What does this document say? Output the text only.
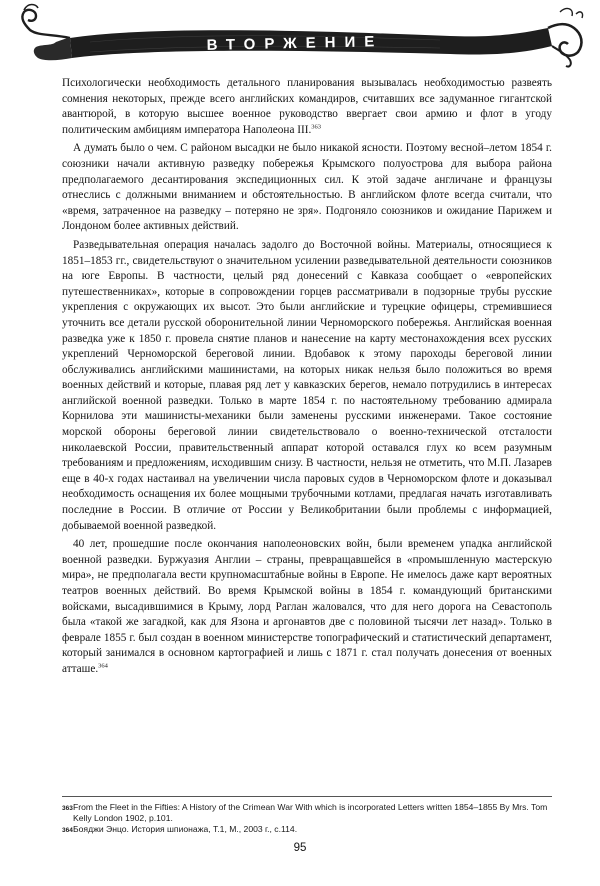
ВТОРЖЕНИЕ

Психологически необходимость детального планирования вызывалась необходимостью развеять сомнения некоторых, прежде всего английских командиров, считавших все задуманное гигантской авантюрой, в которую высшее военное руководство ввергает свои армию и флот в угоду политическим амбициям императора Наполеона III.$^{363}$

А думать было о чем. С районом высадки не было никакой ясности. Поэтому весной–летом 1854 г. союзники начали активную разведку побережья Крымского полуострова для выбора района предполагаемого десантирования экспедиционных сил. К этой задаче англичане и французы отнеслись с должными вниманием и обстоятельностью. В английском флоте всегда считали, что «время, затраченное на разведку – потеряно не зря». Подгоняло союзников и ожидание Парижем и Лондоном более активных действий.

Разведывательная операция началась задолго до Восточной войны. Материалы, относящиеся к 1851–1853 гг., свидетельствуют о значительном усилении разведывательной деятельности союзников на юге Европы. В частности, целый ряд донесений с Кавказа сообщает о «европейских путешественниках», которые в сопровождении горцев рассматривали в подзорные трубы русские укрепления с окружающих их высот. Это были английские и турецкие офицеры, стремившиеся уточнить все детали русской оборонительной линии Черноморского побережья. Английская военная разведка уже к 1850 г. провела снятие планов и нанесение на карту местонахождения всех русских укреплений Черноморской береговой линии. Вдобавок к этому пароходы береговой линии обслуживались английскими машинистами, на которых никак нельзя было положиться во время военных действий и которые, плавая ряд лет у кавказских берегов, немало потрудились в интересах английской военной разведки. Только в марте 1854 г. по настоятельному требованию адмирала Корнилова эти машинисты-механики были заменены русскими инженерами. Такое состояние морской обороны береговой линии свидетельствовало о военно-технической отсталости николаевской России, правительственный аппарат которой оставался глух ко всем разумным требованиям и предложениям, исходившим снизу. В частности, нельзя не отметить, что М.П. Лазарев еще в 40-х годах настаивал на увеличении числа паровых судов в Черноморском флоте и доказывал необходимость оснащения их более мощными трубочными котлами, предлагая начать изготавливать последние в России. В отличие от России у Великобритании были проблемы с информацией, добываемой военной разведкой.

40 лет, прошедшие после окончания наполеоновских войн, были временем упадка английской военной разведки. Буржуазия Англии – страны, превращавшейся в «промышленную мастерскую мира», не предполагала вести крупномасштабные войны в Европе. Не имелось даже карт вероятных театров военных действий. Во время Крымской войны в 1854 г. командующий британскими войсками, высадившимися в Крыму, лорд Раглан жаловался, что для него дорога на Севастополь была «такой же загадкой, как для Язона и аргонавтов две с половиной тысячи лет назад». Только в феврале 1855 г. был создан в военном министерстве топографический и статистический департамент, который занимался в основном картографией и лишь с 1871 г. стал получать донесения от военных атташе.$^{364}$

363 From the Fleet in the Fifties: A History of the Crimean War With which is incorporated Letters written 1854–1855 By Mrs. Tom Kelly London 1902, p.101.
364 Бояджи Энцо. История шпионажа, Т.1, М., 2003 г., с.114.
95
